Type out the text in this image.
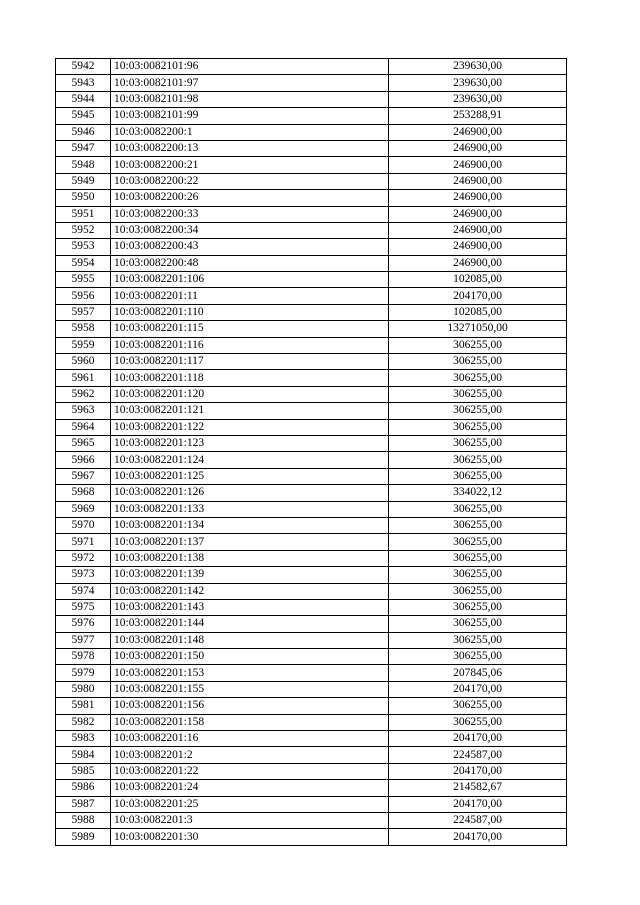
5942	10:03:0082101:96	239630,00
5943	10:03:0082101:97	239630,00
5944	10:03:0082101:98	239630,00
5945	10:03:0082101:99	253288,91
5946	10:03:0082200:1	246900,00
5947	10:03:0082200:13	246900,00
5948	10:03:0082200:21	246900,00
5949	10:03:0082200:22	246900,00
5950	10:03:0082200:26	246900,00
5951	10:03:0082200:33	246900,00
5952	10:03:0082200:34	246900,00
5953	10:03:0082200:43	246900,00
5954	10:03:0082200:48	246900,00
5955	10:03:0082201:106	102085,00
5956	10:03:0082201:11	204170,00
5957	10:03:0082201:110	102085,00
5958	10:03:0082201:115	13271050,00
5959	10:03:0082201:116	306255,00
5960	10:03:0082201:117	306255,00
5961	10:03:0082201:118	306255,00
5962	10:03:0082201:120	306255,00
5963	10:03:0082201:121	306255,00
5964	10:03:0082201:122	306255,00
5965	10:03:0082201:123	306255,00
5966	10:03:0082201:124	306255,00
5967	10:03:0082201:125	306255,00
5968	10:03:0082201:126	334022,12
5969	10:03:0082201:133	306255,00
5970	10:03:0082201:134	306255,00
5971	10:03:0082201:137	306255,00
5972	10:03:0082201:138	306255,00
5973	10:03:0082201:139	306255,00
5974	10:03:0082201:142	306255,00
5975	10:03:0082201:143	306255,00
5976	10:03:0082201:144	306255,00
5977	10:03:0082201:148	306255,00
5978	10:03:0082201:150	306255,00
5979	10:03:0082201:153	207845,06
5980	10:03:0082201:155	204170,00
5981	10:03:0082201:156	306255,00
5982	10:03:0082201:158	306255,00
5983	10:03:0082201:16	204170,00
5984	10:03:0082201:2	224587,00
5985	10:03:0082201:22	204170,00
5986	10:03:0082201:24	214582,67
5987	10:03:0082201:25	204170,00
5988	10:03:0082201:3	224587,00
5989	10:03:0082201:30	204170,00
